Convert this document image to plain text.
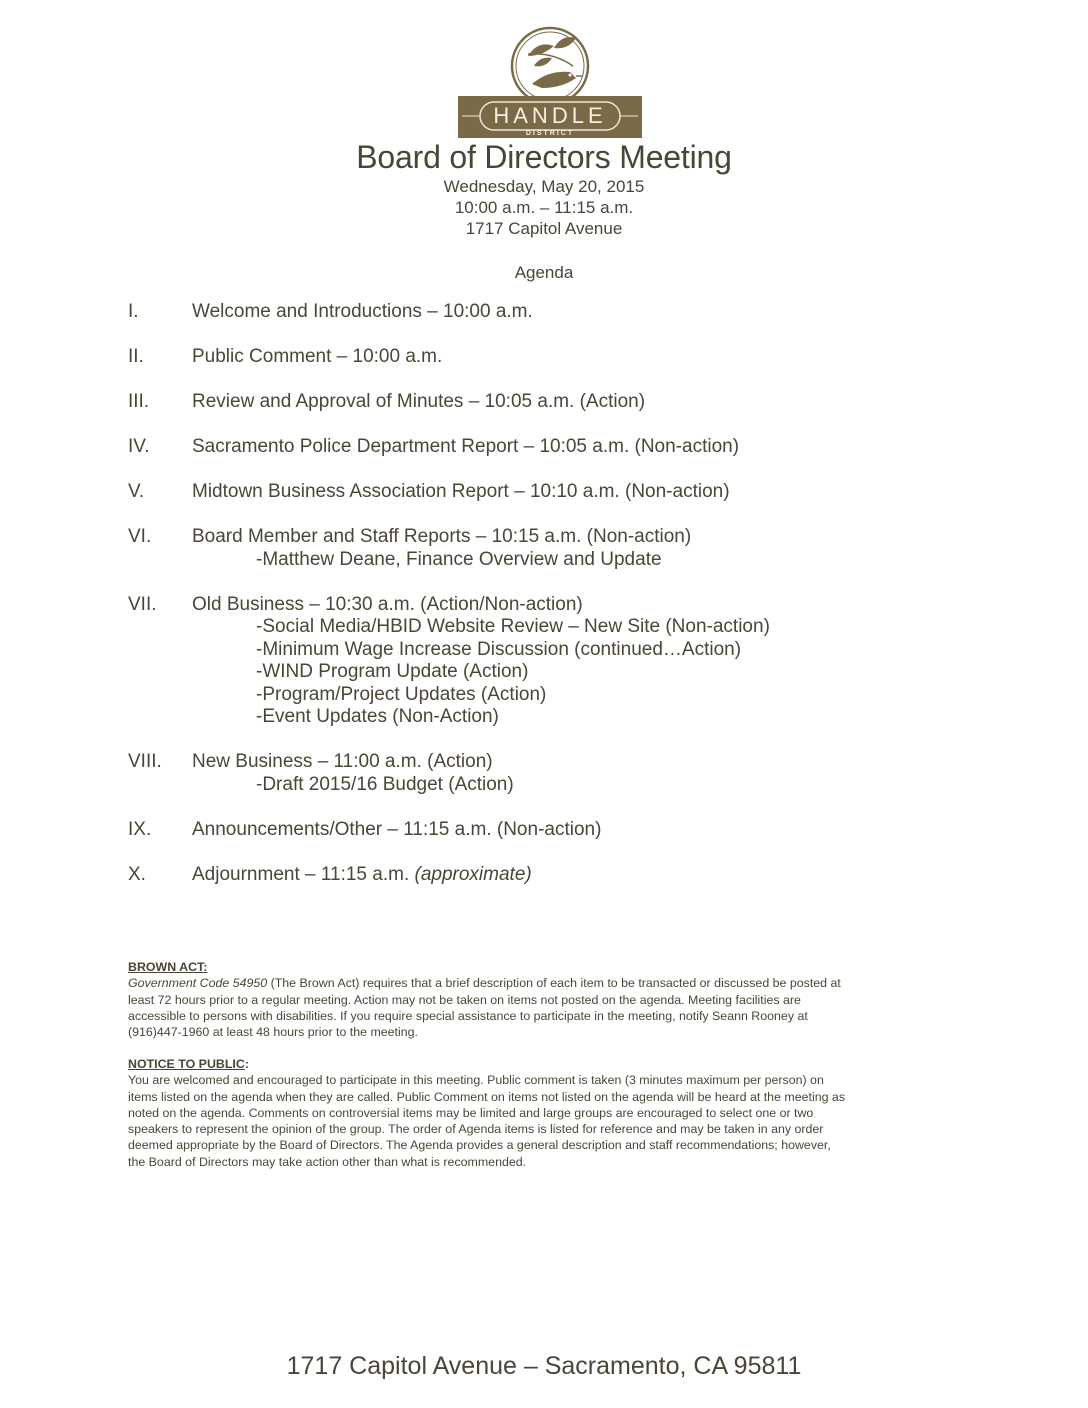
HANDLE
DISTRICT
Board of Directors Meeting
Wednesday, May 20, 2015
10:00 a.m. – 11:15 a.m.
1717 Capitol Avenue
Agenda
I.	Welcome and Introductions – 10:00 a.m.
II.	Public Comment – 10:00 a.m.
III. Review and Approval of Minutes – 10:05 a.m. (Action)
IV. Sacramento Police Department Report – 10:05 a.m. (Non-action)
V.	Midtown Business Association Report – 10:10 a.m. (Non-action)
VI. Board Member and Staff Reports – 10:15 a.m. (Non-action)
-Matthew Deane, Finance Overview and Update
VII. Old Business – 10:30 a.m. (Action/Non-action)
-Social Media/HBID Website Review – New Site (Non-action)
-Minimum Wage Increase Discussion (continued…Action)
-WIND Program Update (Action)
-Program/Project Updates (Action)
-Event Updates (Non-Action)
VIII. New Business – 11:00 a.m. (Action)
-Draft 2015/16 Budget (Action)
IX. Announcements/Other – 11:15 a.m. (Non-action)
X. Adjournment – 11:15 a.m. (approximate)

BROWN ACT:

Government Code 54950 (The Brown Act) requires that a brief description of each item to be transacted or discussed be posted at

least 72 hours prior to a regular meeting. Action may not be taken on items not posted on the agenda. Meeting facilities are

accessible to persons with disabilities. If you require special assistance to participate in the meeting, notify Seann Rooney at

(916)447-1960 at least 48 hours prior to the meeting.

NOTICE TO PUBLIC:

You are welcomed and encouraged to participate in this meeting. Public comment is taken (3 minutes maximum per person) on

items listed on the agenda when they are called. Public Comment on items not listed on the agenda will be heard at the meeting as

noted on the agenda. Comments on controversial items may be limited and large groups are encouraged to select one or two

speakers to represent the opinion of the group. The order of Agenda items is listed for reference and may be taken in any order

deemed appropriate by the Board of Directors. The Agenda provides a general description and staff recommendations; however,

the Board of Directors may take action other than what is recommended.

1717 Capitol Avenue – Sacramento, CA 95811
